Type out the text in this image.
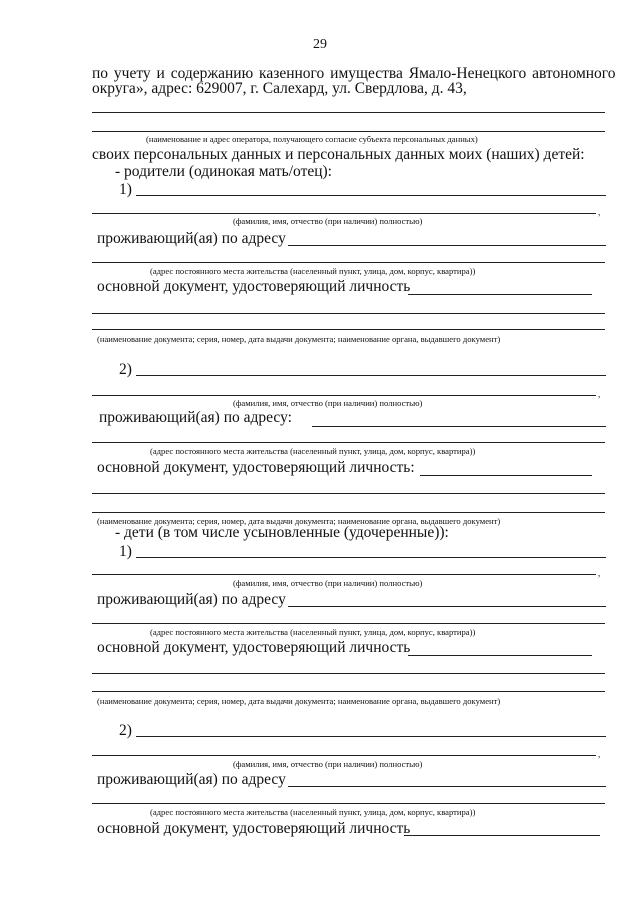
29
по учету и содержанию казенного имущества Ямало-Ненецкого автономного
округа», адрес: 629007, г. Салехард, ул. Свердлова, д. 43,
(наименование и адрес оператора, получающего согласие субъекта персональных данных)
своих персональных данных и персональных данных моих (наших) детей:
- родители (одинокая мать/отец):
1)
,
(фамилия, имя, отчество (при наличии) полностью)
проживающий(ая) по адресу
(адрес постоянного места жительства (населенный пункт, улица, дом, корпус, квартира))
основной документ, удостоверяющий личность
(наименование документа; серия, номер, дата выдачи документа; наименование органа, выдавшего документ)
2)
,
(фамилия, имя, отчество (при наличии) полностью)
проживающий(ая) по адресу:
(адрес постоянного места жительства (населенный пункт, улица, дом, корпус, квартира))
основной документ, удостоверяющий личность:
(наименование документа; серия, номер, дата выдачи документа; наименование органа, выдавшего документ)
- дети (в том числе усыновленные (удочеренные)):
1)
,
(фамилия, имя, отчество (при наличии) полностью)
проживающий(ая) по адресу
(адрес постоянного места жительства (населенный пункт, улица, дом, корпус, квартира))
основной документ, удостоверяющий личность
(наименование документа; серия, номер, дата выдачи документа; наименование органа, выдавшего документ)
2)
,
(фамилия, имя, отчество (при наличии) полностью)
проживающий(ая) по адресу
(адрес постоянного места жительства (населенный пункт, улица, дом, корпус, квартира))
основной документ, удостоверяющий личность
